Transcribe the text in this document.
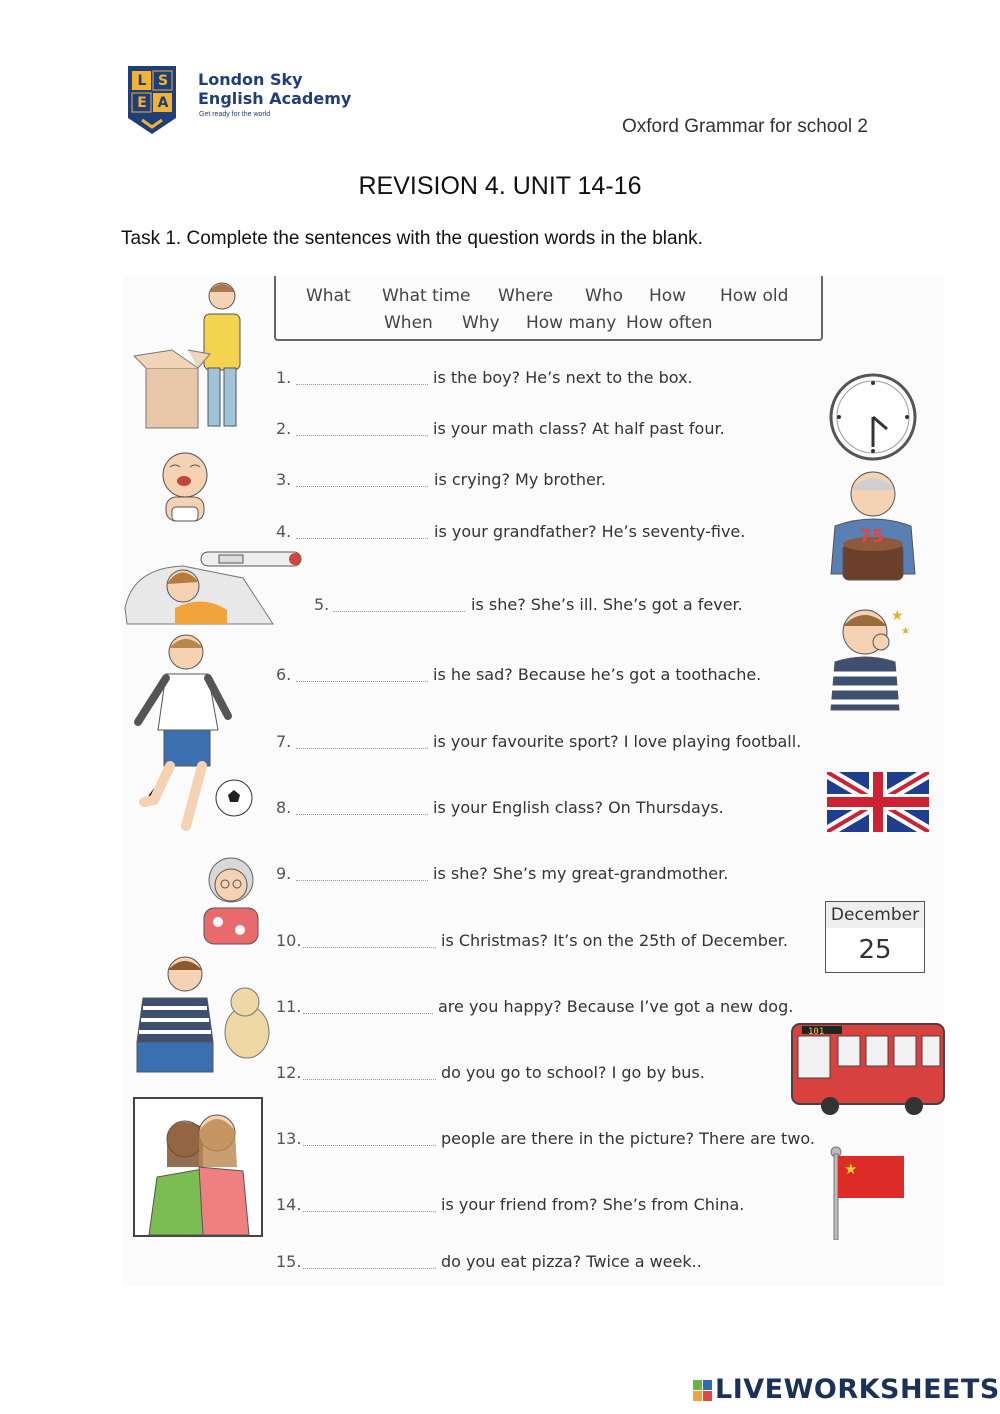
L S
E A
London Sky
English Academy
Get ready for the world
Oxford Grammar for school 2
REVISION 4. UNIT 14-16
Task 1. Complete the sentences with the question words in the blank.
What What time Where Who How How old
When Why How many How often
1.	is the boy? He’s next to the box.
2.	is your math class? At half past four.
3.	is crying? My brother.
4.	is your grandfather? He’s seventy-five.
5.	is she? She’s ill. She’s got a fever.
6.	is he sad? Because he’s got a toothache.
7.	is your favourite sport? I love playing football.
8.	is your English class? On Thursdays.
9.	is she? She’s my great-grandmother.
10.	is Christmas? It’s on the 25th of December.
11.	are you happy? Because I’ve got a new dog.
12.	do you go to school? I go by bus.
13.	people are there in the picture? There are two.
14.	is your friend from? She’s from China.
15.	do you eat pizza? Twice a week..
75
★
★
December
25
101
★
LIVEWORKSHEETS
